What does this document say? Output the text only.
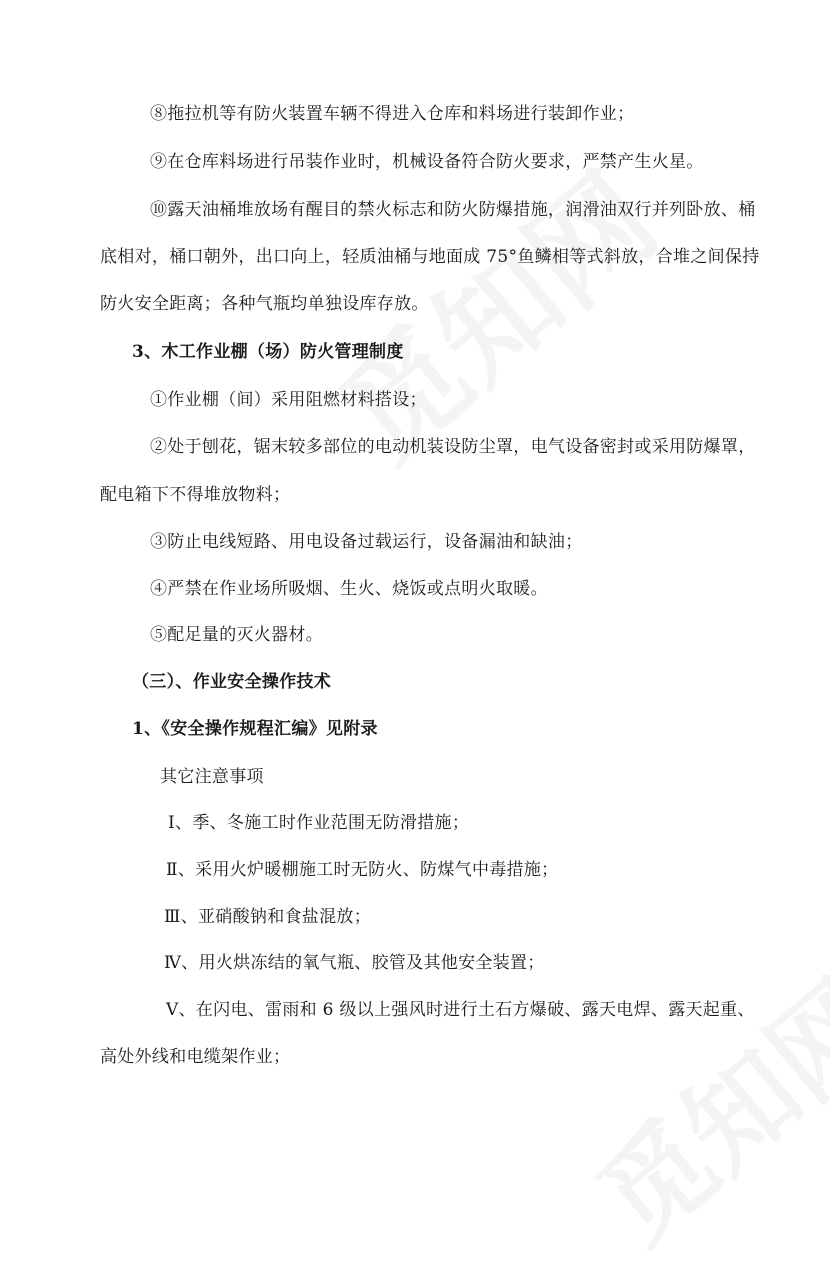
⑧拖拉机等有防火装置车辆不得进入仓库和料场进行装卸作业；
⑨在仓库料场进行吊装作业时，机械设备符合防火要求，严禁产生火星。
⑩露天油桶堆放场有醒目的禁火标志和防火防爆措施，润滑油双行并列卧放、桶
底相对，桶口朝外，出口向上，轻质油桶与地面成 75°鱼鳞相等式斜放，合堆之间保持
防火安全距离；各种气瓶均单独设库存放。
3、木工作业棚（场）防火管理制度
①作业棚（间）采用阻燃材料搭设；
②处于刨花，锯末较多部位的电动机装设防尘罩，电气设备密封或采用防爆罩，
配电箱下不得堆放物料；
③防止电线短路、用电设备过载运行，设备漏油和缺油；
④严禁在作业场所吸烟、生火、烧饭或点明火取暖。
⑤配足量的灭火器材。
（三）、作业安全操作技术
1、《安全操作规程汇编》见附录
其它注意事项
Ⅰ、季、冬施工时作业范围无防滑措施；
Ⅱ、采用火炉暖棚施工时无防火、防煤气中毒措施；
Ⅲ、亚硝酸钠和食盐混放；
Ⅳ、用火烘冻结的氧气瓶、胶管及其他安全装置；
Ⅴ、在闪电、雷雨和 6 级以上强风时进行土石方爆破、露天电焊、露天起重、
高处外线和电缆架作业；
